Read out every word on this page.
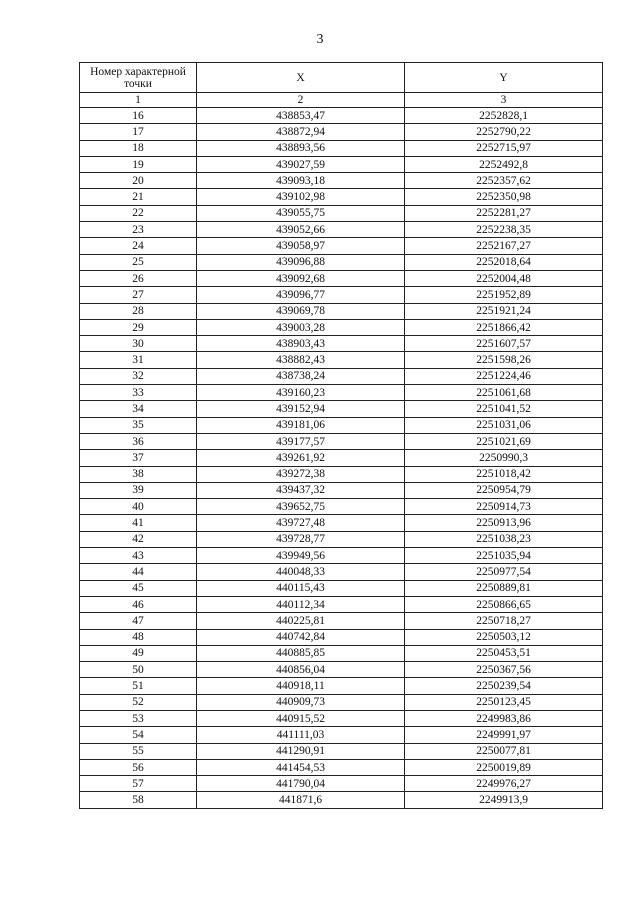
3
Номер характерной точки	X	Y
1	2	3
16	438853,47	2252828,1
17	438872,94	2252790,22
18	438893,56	2252715,97
19	439027,59	2252492,8
20	439093,18	2252357,62
21	439102,98	2252350,98
22	439055,75	2252281,27
23	439052,66	2252238,35
24	439058,97	2252167,27
25	439096,88	2252018,64
26	439092,68	2252004,48
27	439096,77	2251952,89
28	439069,78	2251921,24
29	439003,28	2251866,42
30	438903,43	2251607,57
31	438882,43	2251598,26
32	438738,24	2251224,46
33	439160,23	2251061,68
34	439152,94	2251041,52
35	439181,06	2251031,06
36	439177,57	2251021,69
37	439261,92	2250990,3
38	439272,38	2251018,42
39	439437,32	2250954,79
40	439652,75	2250914,73
41	439727,48	2250913,96
42	439728,77	2251038,23
43	439949,56	2251035,94
44	440048,33	2250977,54
45	440115,43	2250889,81
46	440112,34	2250866,65
47	440225,81	2250718,27
48	440742,84	2250503,12
49	440885,85	2250453,51
50	440856,04	2250367,56
51	440918,11	2250239,54
52	440909,73	2250123,45
53	440915,52	2249983,86
54	441111,03	2249991,97
55	441290,91	2250077,81
56	441454,53	2250019,89
57	441790,04	2249976,27
58	441871,6	2249913,9
